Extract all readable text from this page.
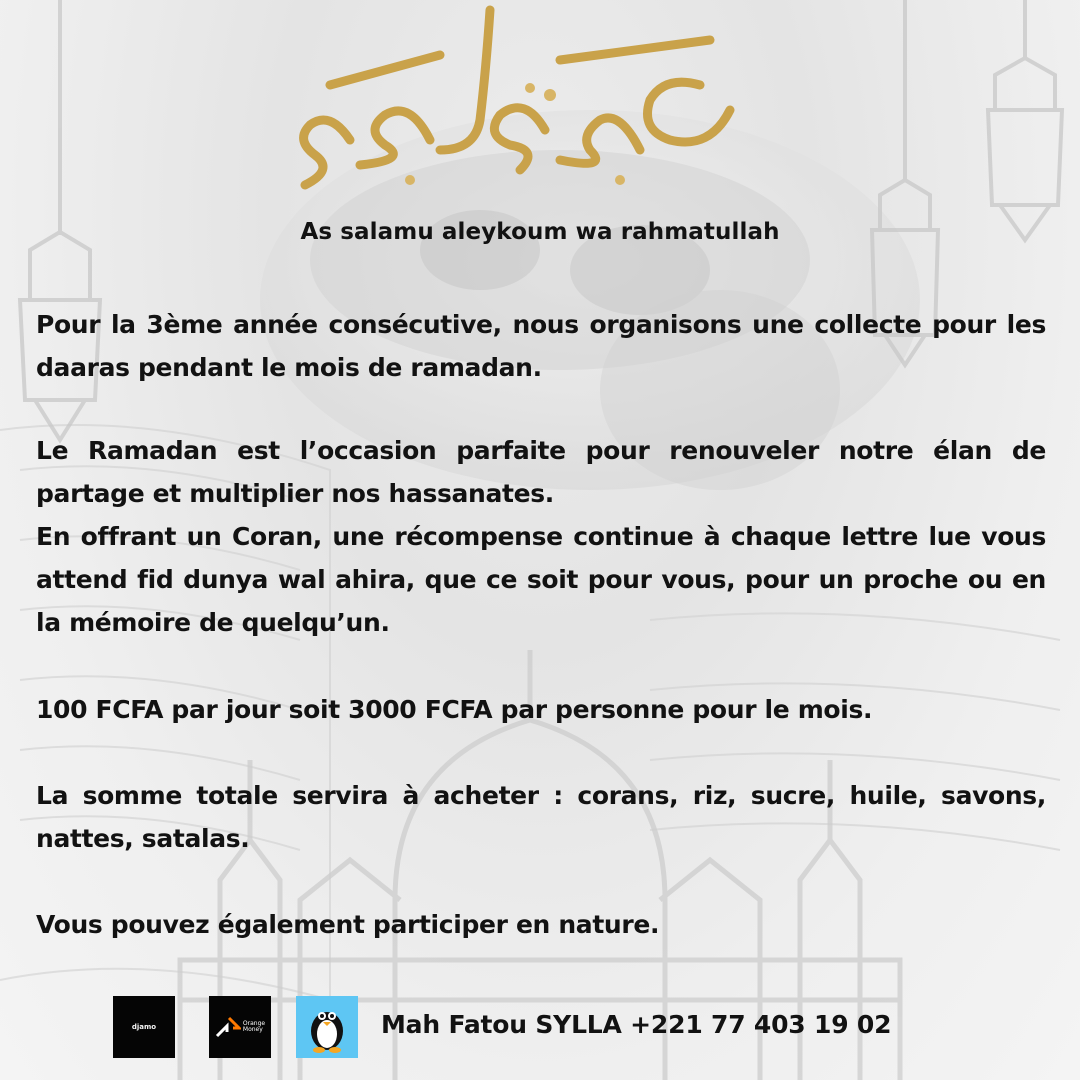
As salamu aleykoum wa rahmatullah
Pour la 3ème année consécutive, nous organisons une collecte pour les daaras pendant le mois de ramadan.
Le Ramadan est l’occasion parfaite pour renouveler notre élan de partage et multiplier nos hassanates.
En offrant un Coran, une récompense continue à chaque lettre lue vous attend fid dunya wal ahira, que ce soit pour vous, pour un proche ou en la mémoire de quelqu’un.
100 FCFA par jour soit 3000 FCFA par personne pour le mois.
La somme totale servira à acheter : corans, riz, sucre, huile, savons, nattes, satalas.
Vous pouvez également participer en nature.
djamo	Orange
Money	Mah Fatou SYLLA +221 77 403 19 02
